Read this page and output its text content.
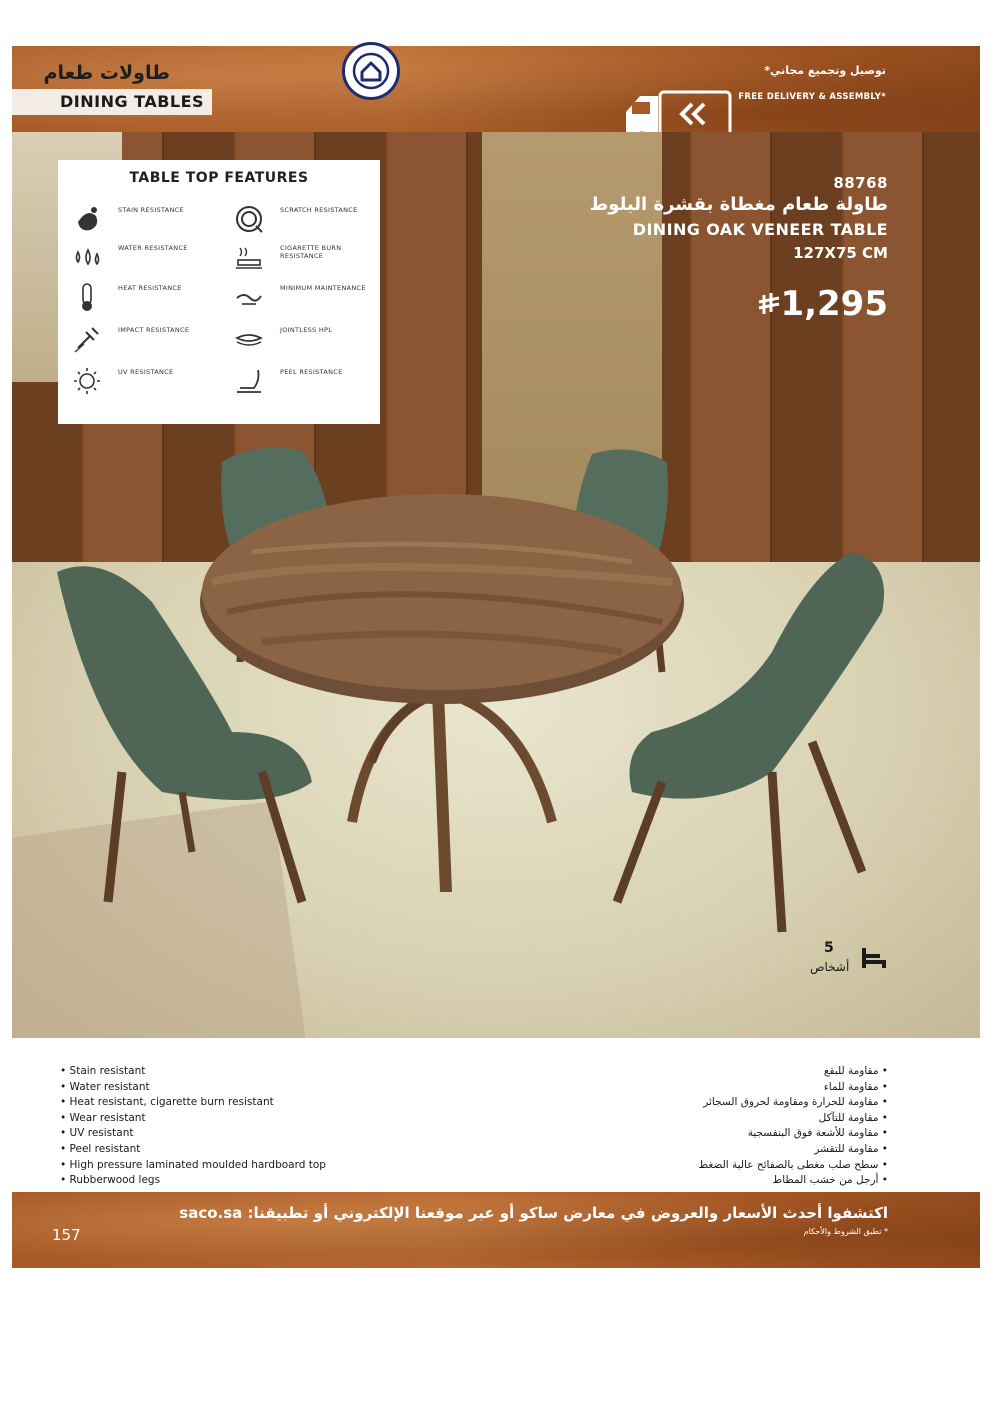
طاولات طعام
DINING TABLES
توصيل وتجميع مجاني*
FREE DELIVERY & ASSEMBLY*
88768
طاولة طعام مغطاة بقشرة البلوط
DINING OAK VENEER TABLE
127X75 CM
1,295
5
أشخاص
TABLE TOP FEATURES
STAIN RESISTANCE	SCRATCH RESISTANCE
WATER RESISTANCE	CIGARETTE BURN RESISTANCE
HEAT RESISTANCE	MINIMUM MAINTENANCE
IMPACT RESISTANCE	JOINTLESS HPL
UV RESISTANCE	PEEL RESISTANCE
• Stain resistant
• Water resistant
• Heat resistant, cigarette burn resistant
• Wear resistant
• UV resistant
• Peel resistant
• High pressure laminated moulded hardboard top
• Rubberwood legs
• مقاومة للبقع
• مقاومة للماء
• مقاومة للحرارة ومقاومة لحروق السجائر
• مقاومة للتآكل
• مقاومة للأشعة فوق البنفسجية
• مقاومة للتقشر
• سطح صلب مغطى بالصفائح عالية الضغط
• أرجل من خشب المطاط
اكتشفوا أحدث الأسعار والعروض في معارض ساكو أو عبر موقعنا الإلكتروني أو تطبيقنا: saco.sa
* تطبق الشروط والأحكام
157
